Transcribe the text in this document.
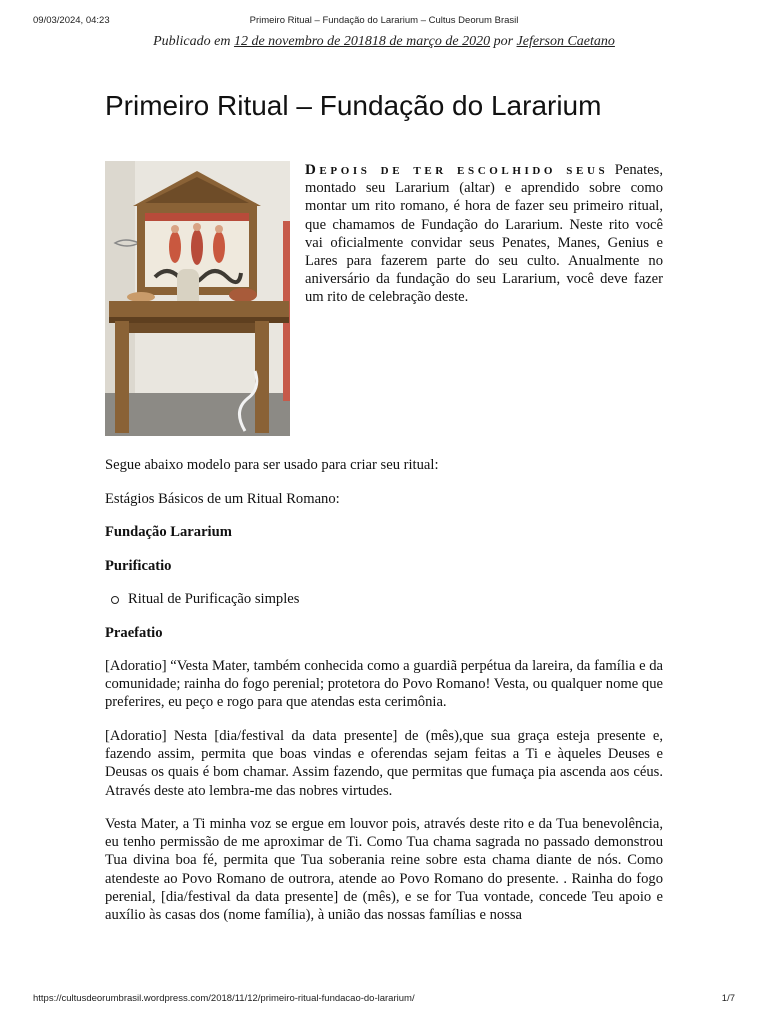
09/03/2024, 04:23	Primeiro Ritual – Fundação do Lararium – Cultus Deorum Brasil
Publicado em 12 de novembro de 201818 de março de 2020 por Jeferson Caetano
Primeiro Ritual – Fundação do Lararium

Depois de ter escolhido seus Penates, montado seu Lararium (altar) e aprendido sobre como montar um rito romano, é hora de fazer seu primeiro ritual, que chamamos de Fundação do Lararium. Neste rito você vai oficialmente convidar seus Penates, Manes, Genius e Lares para fazerem parte do seu culto. Anualmente no aniversário da fundação do seu Lararium, você deve fazer um rito de celebração deste.

Segue abaixo modelo para ser usado para criar seu ritual:

Estágios Básicos de um Ritual Romano:

Fundação Lararium

Purificatio

Ritual de Purificação simples

Praefatio

[Adoratio] “Vesta Mater, também conhecida como a guardiã perpétua da lareira, da família e da comunidade; rainha do fogo perenial; protetora do Povo Romano! Vesta, ou qualquer nome que preferires, eu peço e rogo para que atendas esta cerimônia.

[Adoratio] Nesta [dia/festival da data presente] de (mês),que sua graça esteja presente e, fazendo assim, permita que boas vindas e oferendas sejam feitas a Ti e àqueles Deuses e Deusas os quais é bom chamar. Assim fazendo, que permitas que fumaça pia ascenda aos céus. Através deste ato lembra-me das nobres virtudes.

Vesta Mater, a Ti minha voz se ergue em louvor pois, através deste rito e da Tua benevolência, eu tenho permissão de me aproximar de Ti. Como Tua chama sagrada no passado demonstrou Tua divina boa fé, permita que Tua soberania reine sobre esta chama diante de nós. Como atendeste ao Povo Romano de outrora, atende ao Povo Romano do presente. . Rainha do fogo perenial, [dia/festival da data presente] de (mês), e se for Tua vontade, concede Teu apoio e auxílio às casas dos (nome família), à união das nossas famílias e nossa

https://cultusdeorumbrasil.wordpress.com/2018/11/12/primeiro-ritual-fundacao-do-lararium/	1/7
